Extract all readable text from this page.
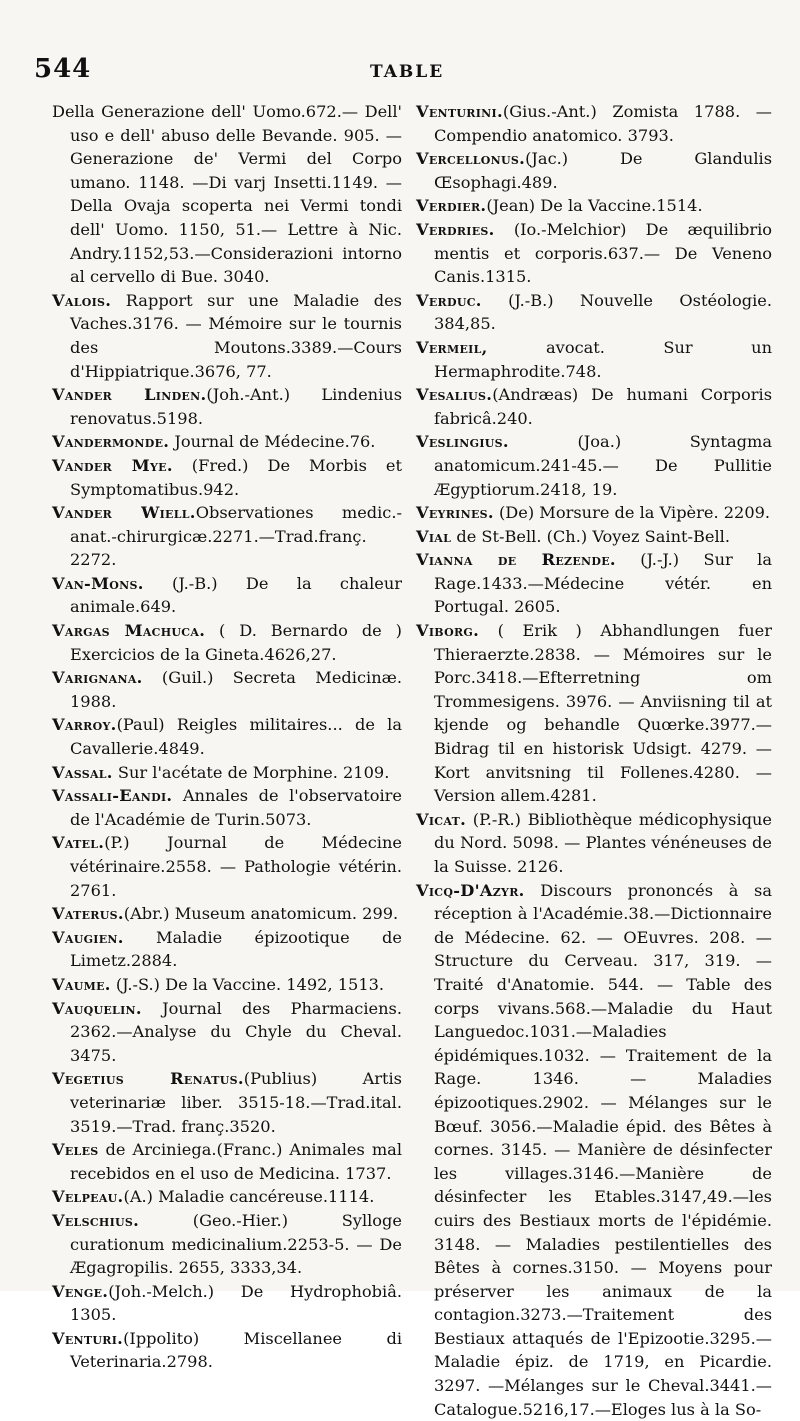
544	TABLE

Della Generazione dell' Uomo.672.— Dell' uso e dell' abuso delle Bevande. 905. — Generazione de' Vermi del Corpo umano. 1148. —Di varj Insetti.1149. — Della Ovaja scoperta nei Vermi tondi dell' Uomo. 1150, 51.— Lettre à Nic. Andry.1152,53.—Considerazioni intorno al cervello di Bue. 3040.

Valois. Rapport sur une Maladie des Vaches.3176. — Mémoire sur le tournis des Moutons.3389.—Cours d'Hippiatrique.3676, 77.

Vander Linden.(Joh.-Ant.) Lindenius renovatus.5198.

Vandermonde. Journal de Médecine.76.

Vander Mye. (Fred.) De Morbis et Symptomatibus.942.

Vander Wiell.Observationes medic.-anat.-chirurgicæ.2271.—Trad.franç. 2272.

Van-Mons. (J.-B.) De la chaleur animale.649.

Vargas Machuca. ( D. Bernardo de ) Exercicios de la Gineta.4626,27.

Varignana. (Guil.) Secreta Medicinæ. 1988.

Varroy.(Paul) Reigles militaires... de la Cavallerie.4849.

Vassal. Sur l'acétate de Morphine. 2109.

Vassali-Eandi. Annales de l'observatoire de l'Académie de Turin.5073.

Vatel.(P.) Journal de Médecine vétérinaire.2558. — Pathologie vétérin. 2761.

Vaterus.(Abr.) Museum anatomicum. 299.

Vaugien. Maladie épizootique de Limetz.2884.

Vaume. (J.-S.) De la Vaccine. 1492, 1513.

Vauquelin. Journal des Pharmaciens. 2362.—Analyse du Chyle du Cheval. 3475.

Vegetius Renatus.(Publius) Artis veterinariæ liber. 3515-18.—Trad.ital. 3519.—Trad. franç.3520.

Veles de Arciniega.(Franc.) Animales mal recebidos en el uso de Medicina. 1737.

Velpeau.(A.) Maladie cancéreuse.1114.

Velschius. (Geo.-Hier.) Sylloge curationum medicinalium.2253-5. — De Ægagropilis. 2655, 3333,34.

Venge.(Joh.-Melch.) De Hydrophobiâ. 1305.

Venturi.(Ippolito) Miscellanee di Veterinaria.2798.

Venturini.(Gius.-Ant.) Zomista 1788. — Compendio anatomico. 3793.

Vercellonus.(Jac.) De Glandulis Œsophagi.489.

Verdier.(Jean) De la Vaccine.1514.

Verdries. (Io.-Melchior) De æquilibrio mentis et corporis.637.— De Veneno Canis.1315.

Verduc. (J.-B.) Nouvelle Ostéologie. 384,85.

Vermeil, avocat. Sur un Hermaphrodite.748.

Vesalius.(Andræas) De humani Corporis fabricâ.240.

Veslingius. (Joa.) Syntagma anatomicum.241-45.— De Pullitie Ægyptiorum.2418, 19.

Veyrines. (De) Morsure de la Vipère. 2209.

Vial de St-Bell. (Ch.) Voyez Saint-Bell.

Vianna de Rezende. (J.-J.) Sur la Rage.1433.—Médecine vétér. en Portugal. 2605.

Viborg. ( Erik ) Abhandlungen fuer Thieraerzte.2838. — Mémoires sur le Porc.3418.—Efterretning om Trommesigens. 3976. — Anviisning til at kjende og behandle Quœrke.3977.— Bidrag til en historisk Udsigt. 4279. — Kort anvitsning til Follenes.4280. —Version allem.4281.

Vicat. (P.-R.) Bibliothèque médicophysique du Nord. 5098. — Plantes vénéneuses de la Suisse. 2126.

Vicq-D'Azyr. Discours prononcés à sa réception à l'Académie.38.—Dictionnaire de Médecine. 62. — OEuvres. 208. — Structure du Cerveau. 317, 319. — Traité d'Anatomie. 544. — Table des corps vivans.568.—Maladie du Haut Languedoc.1031.—Maladies épidémiques.1032. — Traitement de la Rage. 1346. — Maladies épizootiques.2902. — Mélanges sur le Bœuf. 3056.—Maladie épid. des Bêtes à cornes. 3145. — Manière de désinfecter les villages.3146.—Manière de désinfecter les Etables.3147,49.—les cuirs des Bestiaux morts de l'épidémie. 3148. — Maladies pestilentielles des Bêtes à cornes.3150. — Moyens pour préserver les animaux de la contagion.3273.—Traitement des Bestiaux attaqués de l'Epizootie.3295.—Maladie épiz. de 1719, en Picardie. 3297. —Mélanges sur le Cheval.3441.—Catalogue.5216,17.—Eloges lus à la So-
